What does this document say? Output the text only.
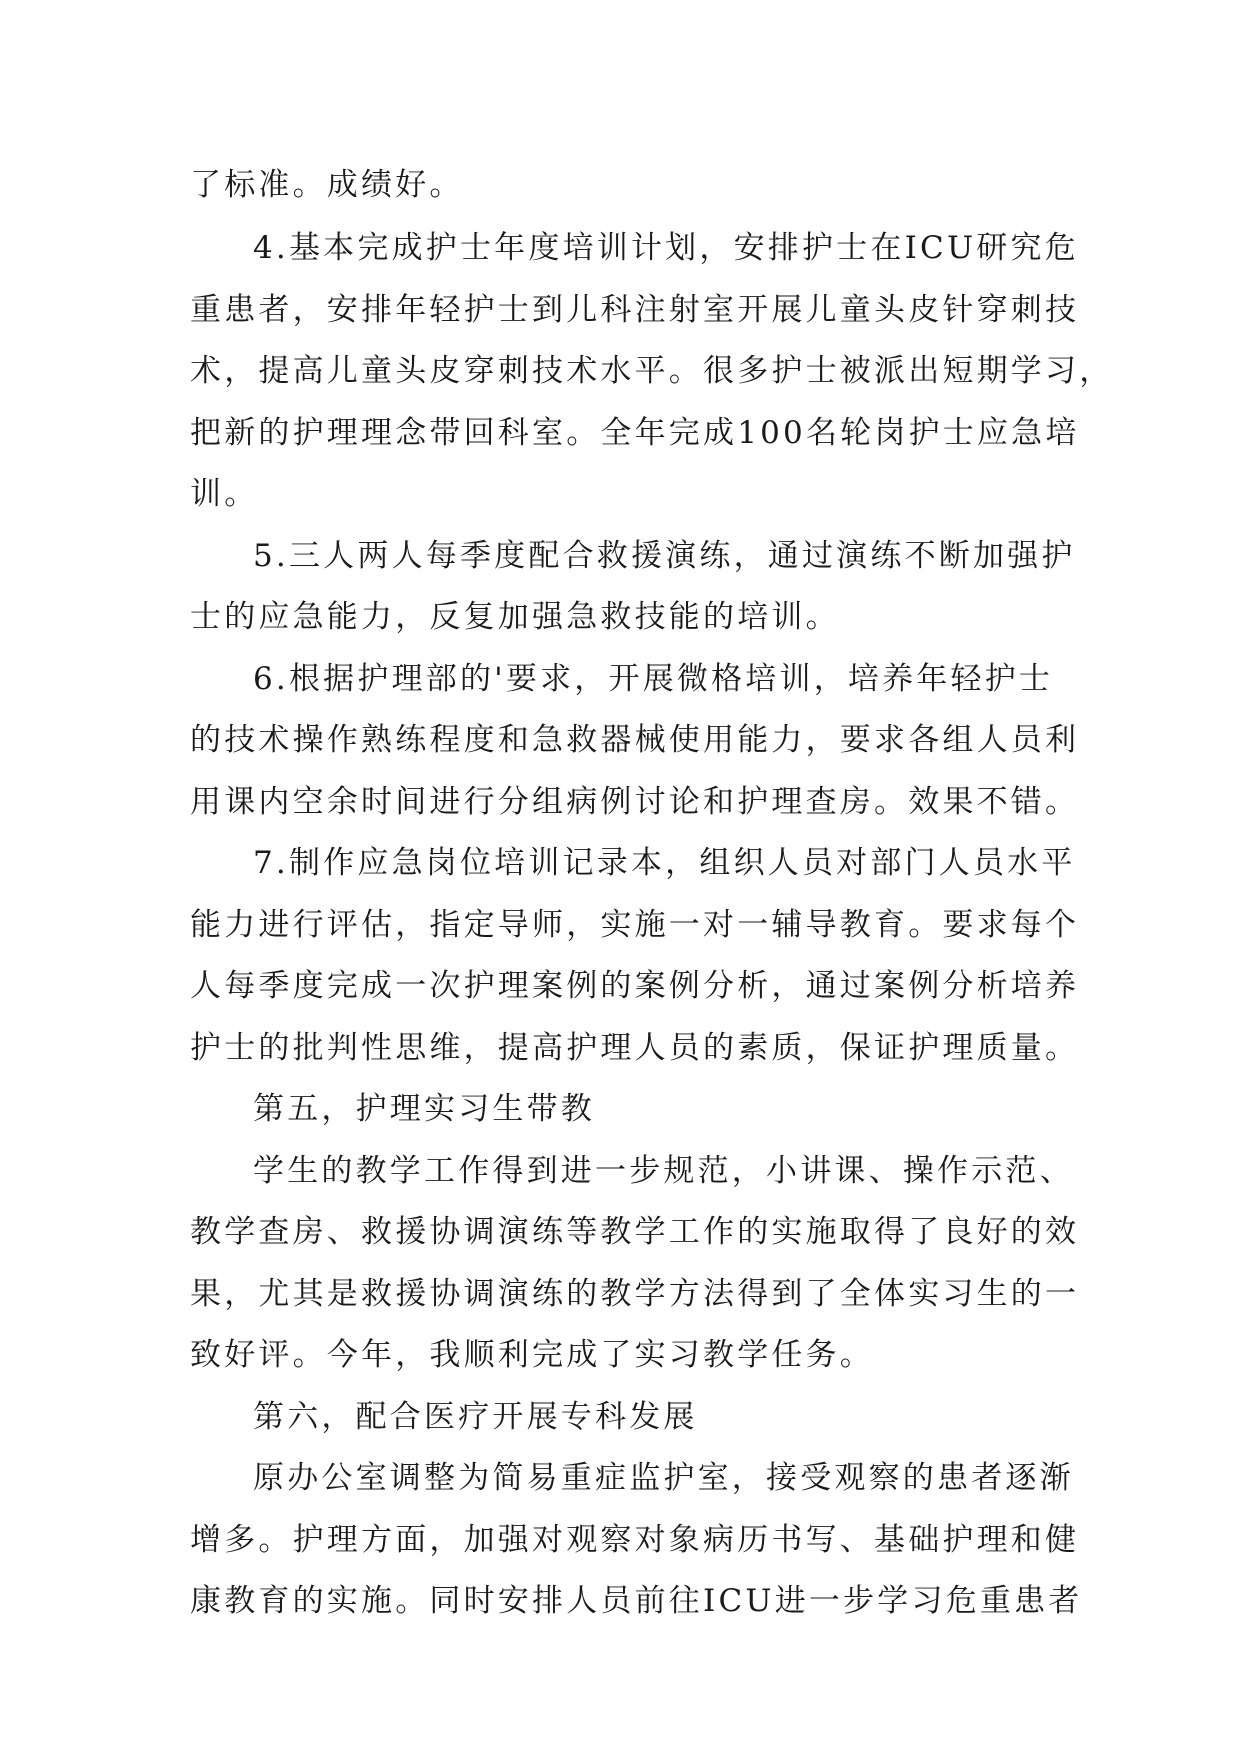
了标准。成绩好。
4.基本完成护士年度培训计划，安排护士在ICU研究危
重患者，安排年轻护士到儿科注射室开展儿童头皮针穿刺技
术，提高儿童头皮穿刺技术水平。很多护士被派出短期学习，
把新的护理理念带回科室。全年完成100名轮岗护士应急培
训。
5.三人两人每季度配合救援演练，通过演练不断加强护
士的应急能力，反复加强急救技能的培训。
6.根据护理部的'要求，开展微格培训，培养年轻护士
的技术操作熟练程度和急救器械使用能力，要求各组人员利
用课内空余时间进行分组病例讨论和护理查房。效果不错。
7.制作应急岗位培训记录本，组织人员对部门人员水平
能力进行评估，指定导师，实施一对一辅导教育。要求每个
人每季度完成一次护理案例的案例分析，通过案例分析培养
护士的批判性思维，提高护理人员的素质，保证护理质量。
第五，护理实习生带教
学生的教学工作得到进一步规范，小讲课、操作示范、
教学查房、救援协调演练等教学工作的实施取得了良好的效
果，尤其是救援协调演练的教学方法得到了全体实习生的一
致好评。今年，我顺利完成了实习教学任务。
第六，配合医疗开展专科发展
原办公室调整为简易重症监护室，接受观察的患者逐渐
增多。护理方面，加强对观察对象病历书写、基础护理和健
康教育的实施。同时安排人员前往ICU进一步学习危重患者
